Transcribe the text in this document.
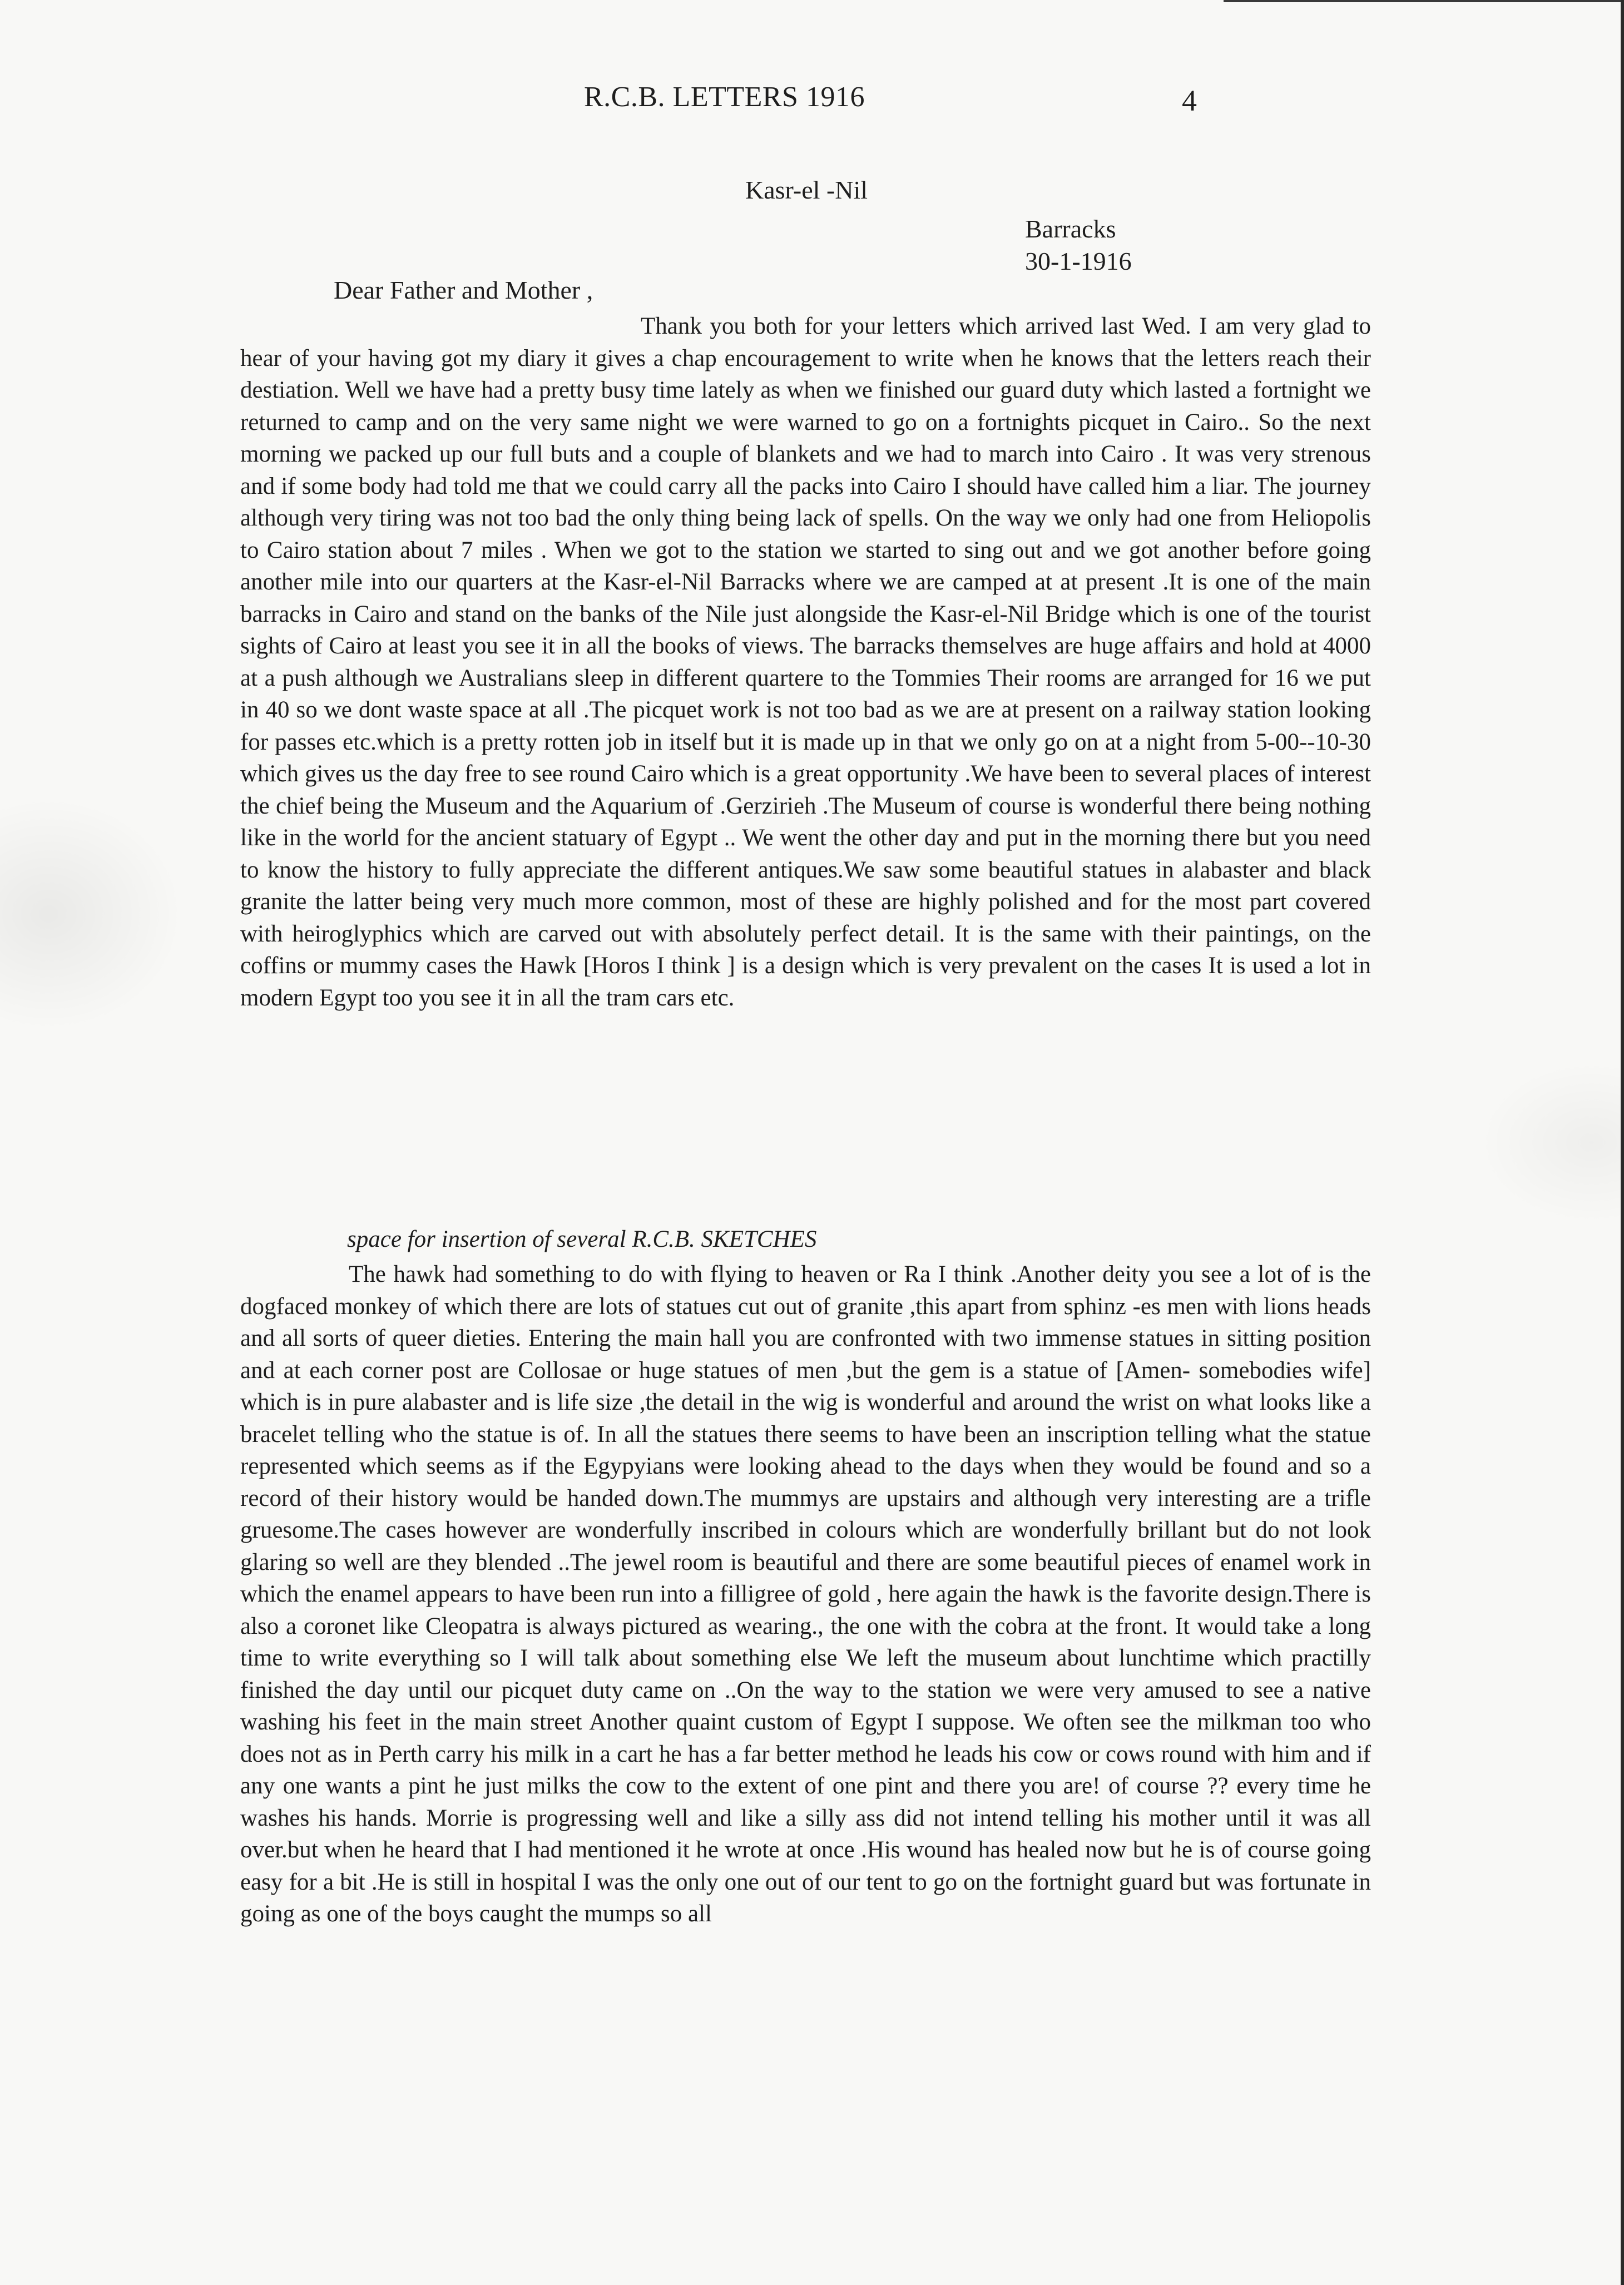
R.C.B. LETTERS 1916	4
Kasr-el -Nil
Barracks
30-1-1916
Dear Father and Mother ,

Thank you both for your letters which arrived last Wed. I am very glad to hear of your having got my diary it gives a chap encouragement to write when he knows that the letters reach their destiation. Well we have had a pretty busy time lately as when we finished our guard duty which lasted a fortnight we returned to camp and on the very same night we were warned to go on a fortnights picquet in Cairo.. So the next morning we packed up our full buts and a couple of blankets and we had to march into Cairo . It was very strenous and if some body had told me that we could carry all the packs into Cairo I should have called him a liar. The journey although very tiring was not too bad the only thing being lack of spells. On the way we only had one from Heliopolis to Cairo station about 7 miles . When we got to the station we started to sing out and we got another before going another mile into our quarters at the Kasr-el-Nil Barracks where we are camped at at present .It is one of the main barracks in Cairo and stand on the banks of the Nile just alongside the Kasr-el-Nil Bridge which is one of the tourist sights of Cairo at least you see it in all the books of views. The barracks themselves are huge affairs and hold at 4000 at a push although we Australians sleep in different quartere to the Tommies Their rooms are arranged for 16 we put in 40 so we dont waste space at all .The picquet work is not too bad as we are at present on a railway station looking for passes etc.which is a pretty rotten job in itself but it is made up in that we only go on at a night from 5-00--10-30 which gives us the day free to see round Cairo which is a great opportunity .We have been to several places of interest the chief being the Museum and the Aquarium of .Gerzirieh .The Museum of course is wonderful there being nothing like in the world for the ancient statuary of Egypt .. We went the other day and put in the morning there but you need to know the history to fully appreciate the different antiques.We saw some beautiful statues in alabaster and black granite the latter being very much more common, most of these are highly polished and for the most part covered with heiroglyphics which are carved out with absolutely perfect detail. It is the same with their paintings, on the coffins or mummy cases the Hawk [Horos I think ] is a design which is very prevalent on the cases It is used a lot in modern Egypt too you see it in all the tram cars etc.

space for insertion of several R.C.B. SKETCHES

The hawk had something to do with flying to heaven or Ra I think .Another deity you see a lot of is the dogfaced monkey of which there are lots of statues cut out of granite ,this apart from sphinz -es men with lions heads and all sorts of queer dieties. Entering the main hall you are confronted with two immense statues in sitting position and at each corner post are Collosae or huge statues of men ,but the gem is a statue of [Amen- somebodies wife] which is in pure alabaster and is life size ,the detail in the wig is wonderful and around the wrist on what looks like a bracelet telling who the statue is of. In all the statues there seems to have been an inscription telling what the statue represented which seems as if the Egypyians were looking ahead to the days when they would be found and so a record of their history would be handed down.The mummys are upstairs and although very interesting are a trifle gruesome.The cases however are wonderfully inscribed in colours which are wonderfully brillant but do not look glaring so well are they blended ..The jewel room is beautiful and there are some beautiful pieces of enamel work in which the enamel appears to have been run into a filligree of gold , here again the hawk is the favorite design.There is also a coronet like Cleopatra is always pictured as wearing., the one with the cobra at the front. It would take a long time to write everything so I will talk about something else We left the museum about lunchtime which practilly finished the day until our picquet duty came on ..On the way to the station we were very amused to see a native washing his feet in the main street Another quaint custom of Egypt I suppose. We often see the milkman too who does not as in Perth carry his milk in a cart he has a far better method he leads his cow or cows round with him and if any one wants a pint he just milks the cow to the extent of one pint and there you are! of course ?? every time he washes his hands. Morrie is progressing well and like a silly ass did not intend telling his mother until it was all over.but when he heard that I had mentioned it he wrote at once .His wound has healed now but he is of course going easy for a bit .He is still in hospital I was the only one out of our tent to go on the fortnight guard but was fortunate in going as one of the boys caught the mumps so all
